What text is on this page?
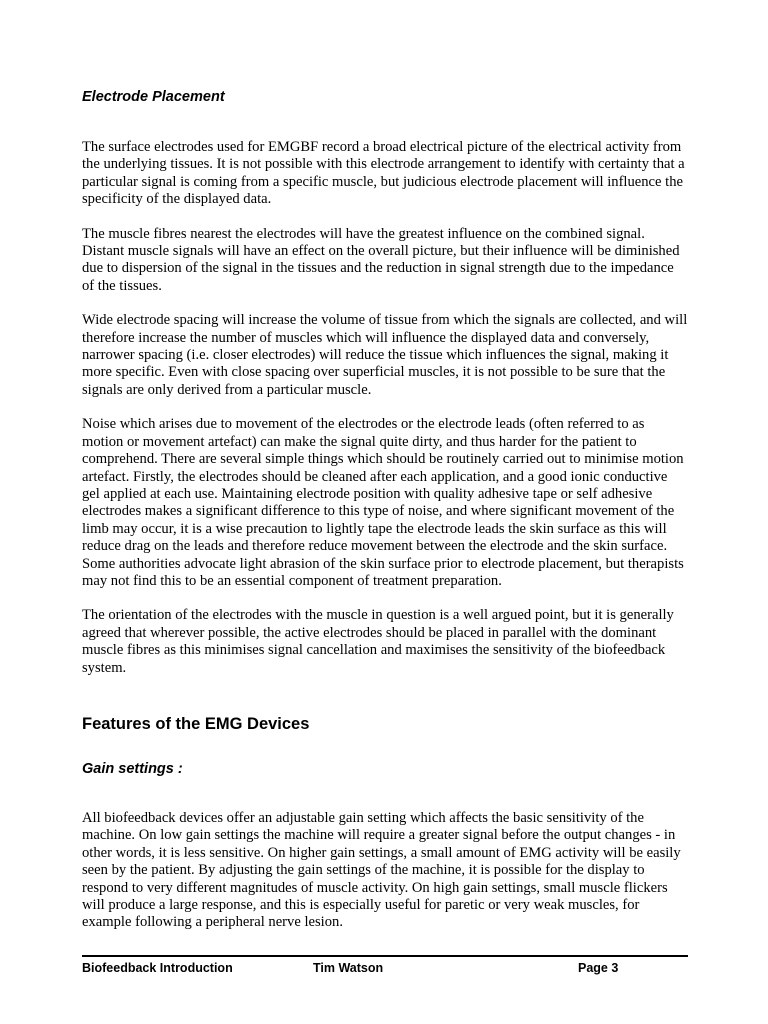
Electrode Placement

The surface electrodes used for EMGBF record a broad electrical picture of the electrical activity from the underlying tissues. It is not possible with this electrode arrangement to identify with certainty that a particular signal is coming from a specific muscle, but judicious electrode placement will influence the specificity of the displayed data.

The muscle fibres nearest the electrodes will have the greatest influence on the combined signal. Distant muscle signals will have an effect on the overall picture, but their influence will be diminished due to dispersion of the signal in the tissues and the reduction in signal strength due to the impedance of the tissues.

Wide electrode spacing will increase the volume of tissue from which the signals are collected, and will therefore increase the number of muscles which will influence the displayed data and conversely, narrower spacing (i.e. closer electrodes) will reduce the tissue which influences the signal, making it more specific. Even with close spacing over superficial muscles, it is not possible to be sure that the signals are only derived from a particular muscle.

Noise which arises due to movement of the electrodes or the electrode leads (often referred to as motion or movement artefact) can make the signal quite dirty, and thus harder for the patient to comprehend. There are several simple things which should be routinely carried out to minimise motion artefact. Firstly, the electrodes should be cleaned after each application, and a good ionic conductive gel applied at each use. Maintaining electrode position with quality adhesive tape or self adhesive electrodes makes a significant difference to this type of noise, and where significant movement of the limb may occur, it is a wise precaution to lightly tape the electrode leads the skin surface as this will reduce drag on the leads and therefore reduce movement between the electrode and the skin surface. Some authorities advocate light abrasion of the skin surface prior to electrode placement, but therapists may not find this to be an essential component of treatment preparation.

The orientation of the electrodes with the muscle in question is a well argued point, but it is generally agreed that wherever possible, the active electrodes should be placed in parallel with the dominant muscle fibres as this minimises signal cancellation and maximises the sensitivity of the biofeedback system.

Features of the EMG Devices
Gain settings :

All biofeedback devices offer an adjustable gain setting which affects the basic sensitivity of the machine. On low gain settings the machine will require a greater signal before the output changes - in other words, it is less sensitive. On higher gain settings, a small amount of EMG activity will be easily seen by the patient. By adjusting the gain settings of the machine, it is possible for the display to respond to very different magnitudes of muscle activity. On high gain settings, small muscle flickers will produce a large response, and this is especially useful for paretic or very weak muscles, for example following a peripheral nerve lesion.

Biofeedback Introduction	Tim Watson	Page 3
